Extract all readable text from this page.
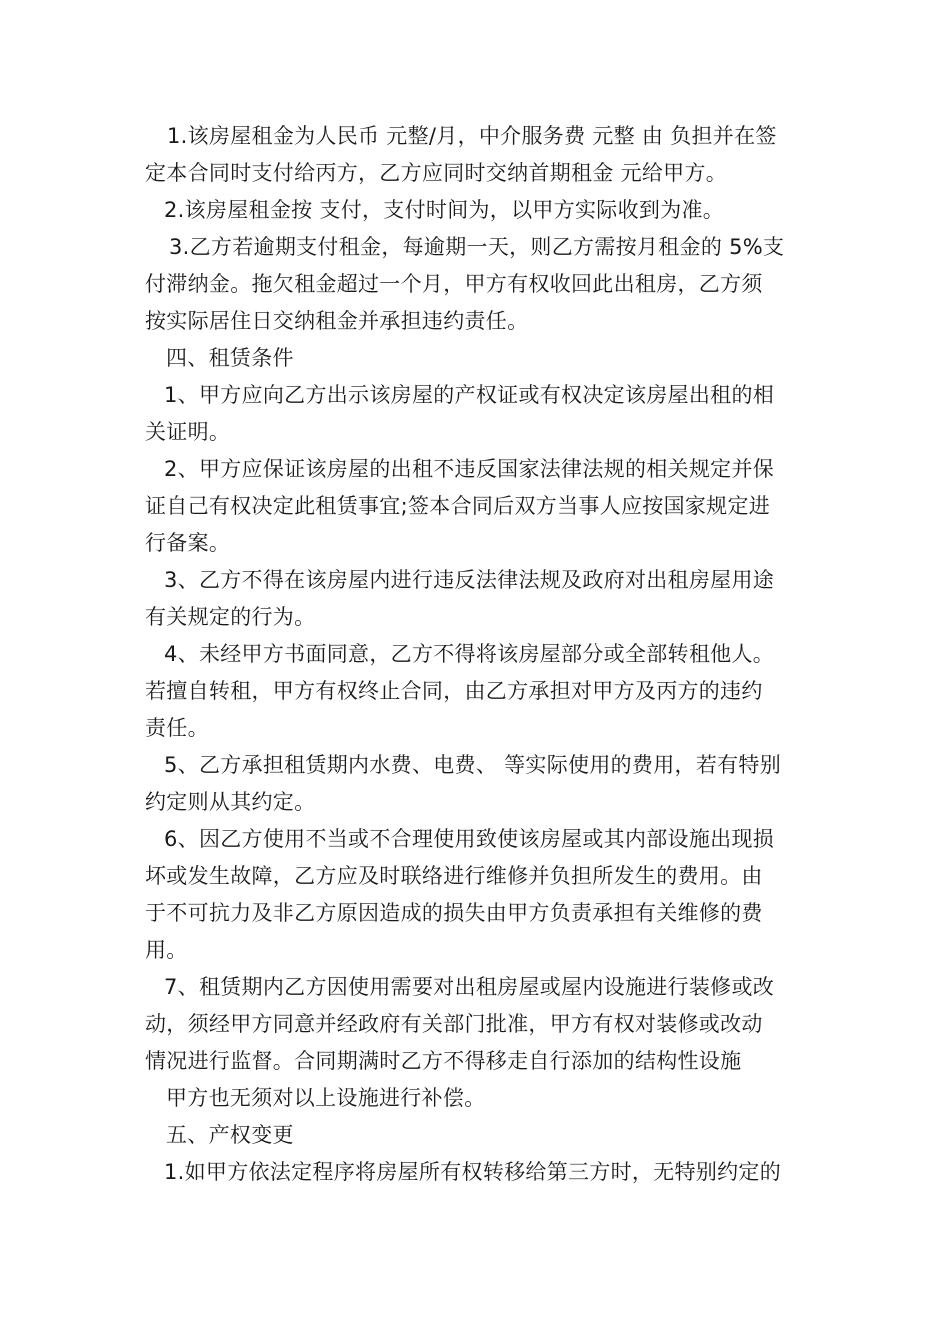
1.该房屋租金为人民币 元整/月，中介服务费 元整 由 负担并在签
定本合同时支付给丙方，乙方应同时交纳首期租金 元给甲方。
2.该房屋租金按 支付，支付时间为，以甲方实际收到为准。
3.乙方若逾期支付租金，每逾期一天，则乙方需按月租金的 5%支
付滞纳金。拖欠租金超过一个月，甲方有权收回此出租房，乙方须
按实际居住日交纳租金并承担违约责任。
四、租赁条件
1、甲方应向乙方出示该房屋的产权证或有权决定该房屋出租的相
关证明。
2、甲方应保证该房屋的出租不违反国家法律法规的相关规定并保
证自己有权决定此租赁事宜;签本合同后双方当事人应按国家规定进
行备案。
3、乙方不得在该房屋内进行违反法律法规及政府对出租房屋用途
有关规定的行为。
4、未经甲方书面同意，乙方不得将该房屋部分或全部转租他人。
若擅自转租，甲方有权终止合同，由乙方承担对甲方及丙方的违约
责任。
5、乙方承担租赁期内水费、电费、 等实际使用的费用，若有特别
约定则从其约定。
6、因乙方使用不当或不合理使用致使该房屋或其内部设施出现损
坏或发生故障，乙方应及时联络进行维修并负担所发生的费用。由
于不可抗力及非乙方原因造成的损失由甲方负责承担有关维修的费
用。
7、租赁期内乙方因使用需要对出租房屋或屋内设施进行装修或改
动，须经甲方同意并经政府有关部门批准，甲方有权对装修或改动
情况进行监督。合同期满时乙方不得移走自行添加的结构性设施
甲方也无须对以上设施进行补偿。
五、产权变更
1.如甲方依法定程序将房屋所有权转移给第三方时，无特别约定的
